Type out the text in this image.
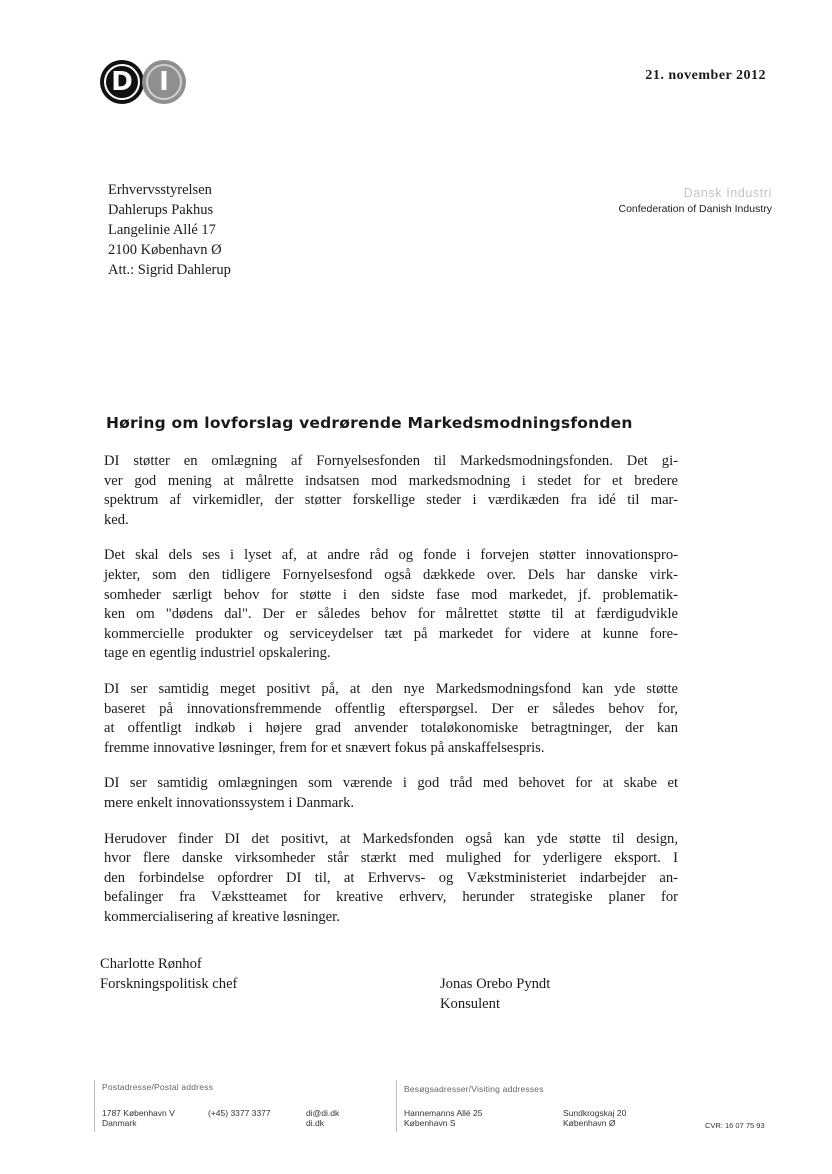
D I	21. november 2012
Erhvervsstyrelsen
Dahlerups Pakhus
Langelinie Allé 17
2100 København Ø
Att.: Sigrid Dahlerup
Dansk Industri
Confederation of Danish Industry
Høring om lovforslag vedrørende Markedsmodningsfonden

DI støtter en omlægning af Fornyelsesfonden til Markedsmodningsfonden. Det gi-
ver god mening at målrette indsatsen mod markedsmodning i stedet for et bredere
spektrum af virkemidler, der støtter forskellige steder i værdikæden fra idé til mar-
ked.

Det skal dels ses i lyset af, at andre råd og fonde i forvejen støtter innovationspro-
jekter, som den tidligere Fornyelsesfond også dækkede over. Dels har danske virk-
somheder særligt behov for støtte i den sidste fase mod markedet, jf. problematik-
ken om "dødens dal". Der er således behov for målrettet støtte til at færdigudvikle
kommercielle produkter og serviceydelser tæt på markedet for videre at kunne fore-
tage en egentlig industriel opskalering.

DI ser samtidig meget positivt på, at den nye Markedsmodningsfond kan yde støtte
baseret på innovationsfremmende offentlig efterspørgsel. Der er således behov for,
at offentligt indkøb i højere grad anvender totaløkonomiske betragtninger, der kan
fremme innovative løsninger, frem for et snævert fokus på anskaffelsespris.

DI ser samtidig omlægningen som værende i god tråd med behovet for at skabe et
mere enkelt innovationssystem i Danmark.

Herudover finder DI det positivt, at Markedsfonden også kan yde støtte til design,
hvor flere danske virksomheder står stærkt med mulighed for yderligere eksport. I
den forbindelse opfordrer DI til, at Erhvervs- og Vækstministeriet indarbejder an-
befalinger fra Vækstteamet for kreative erhverv, herunder strategiske planer for
kommercialisering af kreative løsninger.

Charlotte Rønhof
Forskningspolitisk chef	Jonas Orebo Pyndt
Konsulent
Postadresse/Postal address
1787 København V
Danmark
(+45) 3377 3377	di@di.dk
di.dk
Besøgsadresser/Visiting addresses
Hannemanns Allé 25
København S
Sundkrogskaj 20
København Ø	CVR: 16 07 75 93
